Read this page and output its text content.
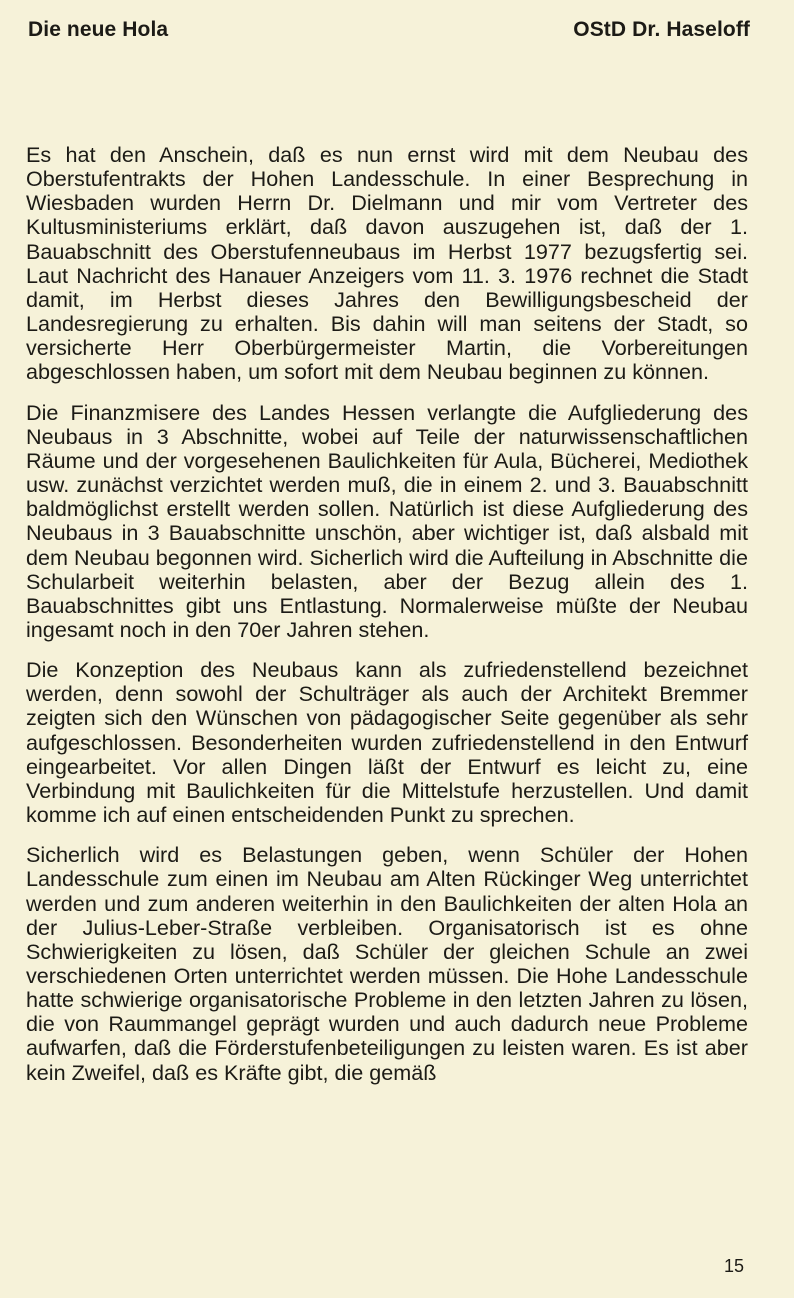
Die neue Hola	OStD Dr. Haseloff

Es hat den Anschein, daß es nun ernst wird mit dem Neubau des Oberstufentrakts der Hohen Landesschule. In einer Besprechung in Wiesbaden wurden Herrn Dr. Dielmann und mir vom Vertreter des Kultusministeriums erklärt, daß davon auszugehen ist, daß der 1. Bauabschnitt des Oberstufenneubaus im Herbst 1977 bezugsfertig sei. Laut Nachricht des Hanauer Anzeigers vom 11. 3. 1976 rechnet die Stadt damit, im Herbst dieses Jahres den Bewilligungsbescheid der Landesregierung zu erhalten. Bis dahin will man seitens der Stadt, so versicherte Herr Oberbürgermeister Martin, die Vorbereitungen abgeschlossen haben, um sofort mit dem Neubau beginnen zu können.

Die Finanzmisere des Landes Hessen verlangte die Aufgliederung des Neubaus in 3 Abschnitte, wobei auf Teile der naturwissenschaftlichen Räume und der vorgesehenen Baulichkeiten für Aula, Bücherei, Mediothek usw. zunächst verzichtet werden muß, die in einem 2. und 3. Bauabschnitt baldmöglichst erstellt werden sollen. Natürlich ist diese Aufgliederung des Neubaus in 3 Bauabschnitte unschön, aber wichtiger ist, daß alsbald mit dem Neubau begonnen wird. Sicherlich wird die Aufteilung in Abschnitte die Schularbeit weiterhin belasten, aber der Bezug allein des 1. Bauabschnittes gibt uns Entlastung. Normalerweise müßte der Neubau ingesamt noch in den 70er Jahren stehen.

Die Konzeption des Neubaus kann als zufriedenstellend bezeichnet werden, denn sowohl der Schulträger als auch der Architekt Bremmer zeigten sich den Wünschen von pädagogischer Seite gegenüber als sehr aufgeschlossen. Besonderheiten wurden zufriedenstellend in den Entwurf eingearbeitet. Vor allen Dingen läßt der Entwurf es leicht zu, eine Verbindung mit Baulichkeiten für die Mittelstufe herzustellen. Und damit komme ich auf einen entscheidenden Punkt zu sprechen.

Sicherlich wird es Belastungen geben, wenn Schüler der Hohen Landesschule zum einen im Neubau am Alten Rückinger Weg unterrichtet werden und zum anderen weiterhin in den Baulichkeiten der alten Hola an der Julius-Leber-Straße verbleiben. Organisatorisch ist es ohne Schwierigkeiten zu lösen, daß Schüler der gleichen Schule an zwei verschiedenen Orten unterrichtet werden müssen. Die Hohe Landesschule hatte schwierige organisatorische Probleme in den letzten Jahren zu lösen, die von Raummangel geprägt wurden und auch dadurch neue Probleme aufwarfen, daß die Förderstufenbeteiligungen zu leisten waren. Es ist aber kein Zweifel, daß es Kräfte gibt, die gemäß

15
